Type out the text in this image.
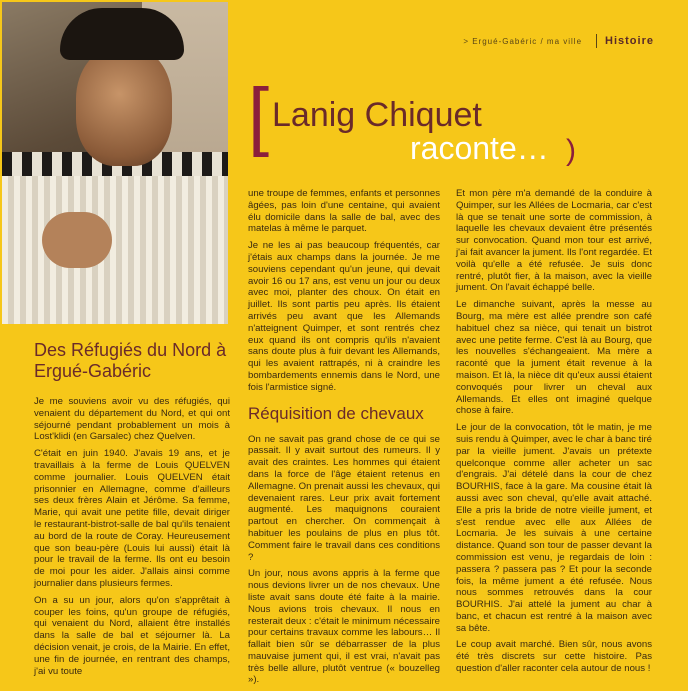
> Ergué-Gabéric / ma ville Histoire
[ Lanig Chiquet
raconte… )
Des Réfugiés du Nord à Ergué-Gabéric

Je me souviens avoir vu des réfugiés, qui venaient du département du Nord, et qui ont séjourné pendant probablement un mois à Lost'klidi (en Garsalec) chez Quelven.

C'était en juin 1940. J'avais 19 ans, et je travaillais à la ferme de Louis QUELVEN comme journalier. Louis QUELVEN était prisonnier en Allemagne, comme d'ailleurs ses deux frères Alain et Jérôme. Sa femme, Marie, qui avait une petite fille, devait diriger le restaurant-bistrot-salle de bal qu'ils tenaient au bord de la route de Coray. Heureusement que son beau-père (Louis lui aussi) était là pour le travail de la ferme. Ils ont eu besoin de moi pour les aider. J'allais ainsi comme journalier dans plusieurs fermes.

On a su un jour, alors qu'on s'apprêtait à couper les foins, qu'un groupe de réfugiés, qui venaient du Nord, allaient être installés dans la salle de bal et séjourner là. La décision venait, je crois, de la Mairie. En effet, une fin de journée, en rentrant des champs, j'ai vu toute

une troupe de femmes, enfants et personnes âgées, pas loin d'une centaine, qui avaient élu domicile dans la salle de bal, avec des matelas à même le parquet.

Je ne les ai pas beaucoup fréquentés, car j'étais aux champs dans la journée. Je me souviens cependant qu'un jeune, qui devait avoir 16 ou 17 ans, est venu un jour ou deux avec moi, planter des choux. On était en juillet. Ils sont partis peu après. Ils étaient arrivés peu avant que les Allemands n'atteignent Quimper, et sont rentrés chez eux quand ils ont compris qu'ils n'avaient sans doute plus à fuir devant les Allemands, qui les avaient rattrapés, ni à craindre les bombardements ennemis dans le Nord, une fois l'armistice signé.

Réquisition de chevaux

On ne savait pas grand chose de ce qui se passait. Il y avait surtout des rumeurs. Il y avait des craintes. Les hommes qui étaient dans la force de l'âge étaient retenus en Allemagne. On prenait aussi les chevaux, qui devenaient rares. Leur prix avait fortement augmenté. Les maquignons couraient partout en chercher. On commençait à habituer les poulains de plus en plus tôt. Comment faire le travail dans ces conditions ?

Un jour, nous avons appris à la ferme que nous devions livrer un de nos chevaux. Une liste avait sans doute été faite à la mairie. Nous avions trois chevaux. Il nous en resterait deux : c'était le minimum nécessaire pour certains travaux comme les labours… Il fallait bien sûr se débarrasser de la plus mauvaise jument qui, il est vrai, n'avait pas très belle allure, plutôt ventrue (« bouzelleg »).

Et mon père m'a demandé de la conduire à Quimper, sur les Allées de Locmaria, car c'est là que se tenait une sorte de commission, à laquelle les chevaux devaient être présentés sur convocation. Quand mon tour est arrivé, j'ai fait avancer la jument. Ils l'ont regardée. Et voilà qu'elle a été refusée. Je suis donc rentré, plutôt fier, à la maison, avec la vieille jument. On l'avait échappé belle.

Le dimanche suivant, après la messe au Bourg, ma mère est allée prendre son café habituel chez sa nièce, qui tenait un bistrot avec une petite ferme. C'est là au Bourg, que les nouvelles s'échangeaient. Ma mère a raconté que la jument était revenue à la maison. Et là, la nièce dit qu'eux aussi étaient convoqués pour livrer un cheval aux Allemands. Et elles ont imaginé quelque chose à faire.

Le jour de la convocation, tôt le matin, je me suis rendu à Quimper, avec le char à banc tiré par la vieille jument. J'avais un prétexte quelconque comme aller acheter un sac d'engrais. J'ai dételé dans la cour de chez BOURHIS, face à la gare. Ma cousine était là aussi avec son cheval, qu'elle avait attaché. Elle a pris la bride de notre vieille jument, et s'est rendue avec elle aux Allées de Locmaria. Je les suivais à une certaine distance. Quand son tour de passer devant la commission est venu, je regardais de loin : passera ? passera pas ? Et pour la seconde fois, la même jument a été refusée. Nous nous sommes retrouvés dans la cour BOURHIS. J'ai attelé la jument au char à banc, et chacun est rentré à la maison avec sa bête.

Le coup avait marché. Bien sûr, nous avons été très discrets sur cette histoire. Pas question d'aller raconter cela autour de nous !
